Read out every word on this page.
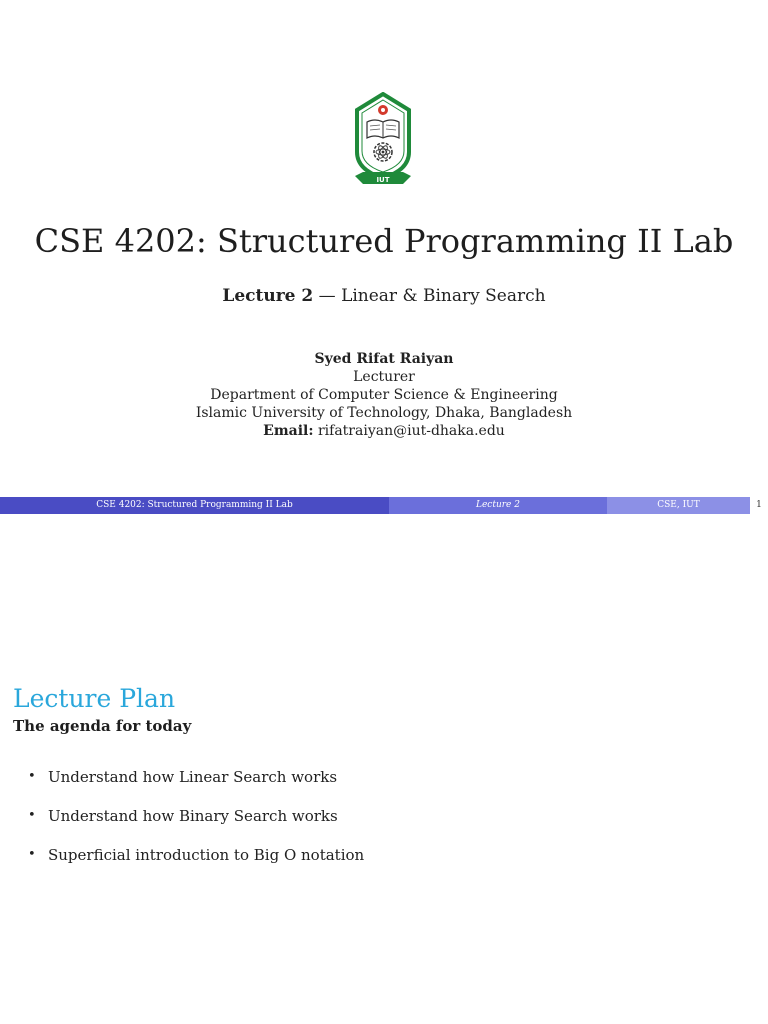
IUT
CSE 4202: Structured Programming II Lab
Lecture 2 — Linear & Binary Search
Syed Rifat Raiyan
Lecturer
Department of Computer Science & Engineering
Islamic University of Technology, Dhaka, Bangladesh
Email: rifatraiyan@iut-dhaka.edu
CSE 4202: Structured Programming II Lab	Lecture 2	CSE, IUT	1
Lecture Plan
The agenda for today
• Understand how Linear Search works
• Understand how Binary Search works
• Superficial introduction to Big O notation
